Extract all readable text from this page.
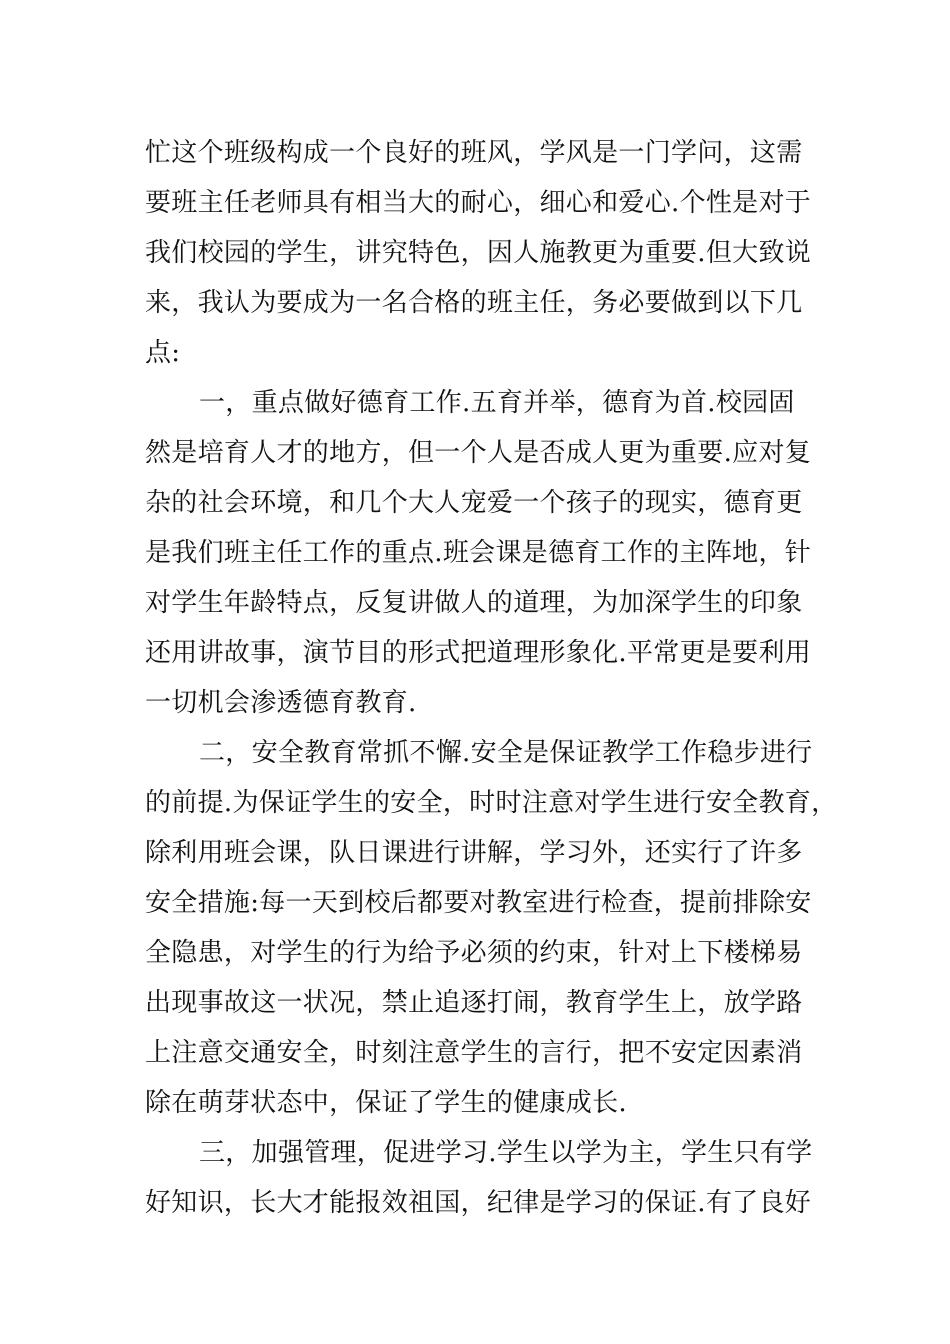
忙这个班级构成一个良好的班风，学风是一门学问，这需
要班主任老师具有相当大的耐心，细心和爱心.个性是对于
我们校园的学生，讲究特色，因人施教更为重要.但大致说
来，我认为要成为一名合格的班主任，务必要做到以下几
点:
一，重点做好德育工作.五育并举，德育为首.校园固
然是培育人才的地方，但一个人是否成人更为重要.应对复
杂的社会环境，和几个大人宠爱一个孩子的现实，德育更
是我们班主任工作的重点.班会课是德育工作的主阵地，针
对学生年龄特点，反复讲做人的道理，为加深学生的印象
还用讲故事，演节目的形式把道理形象化.平常更是要利用
一切机会渗透德育教育.
二，安全教育常抓不懈.安全是保证教学工作稳步进行
的前提.为保证学生的安全，时时注意对学生进行安全教育，
除利用班会课，队日课进行讲解，学习外，还实行了许多
安全措施:每一天到校后都要对教室进行检查，提前排除安
全隐患，对学生的行为给予必须的约束，针对上下楼梯易
出现事故这一状况，禁止追逐打闹，教育学生上，放学路
上注意交通安全，时刻注意学生的言行，把不安定因素消
除在萌芽状态中，保证了学生的健康成长.
三，加强管理，促进学习.学生以学为主，学生只有学
好知识，长大才能报效祖国，纪律是学习的保证.有了良好
